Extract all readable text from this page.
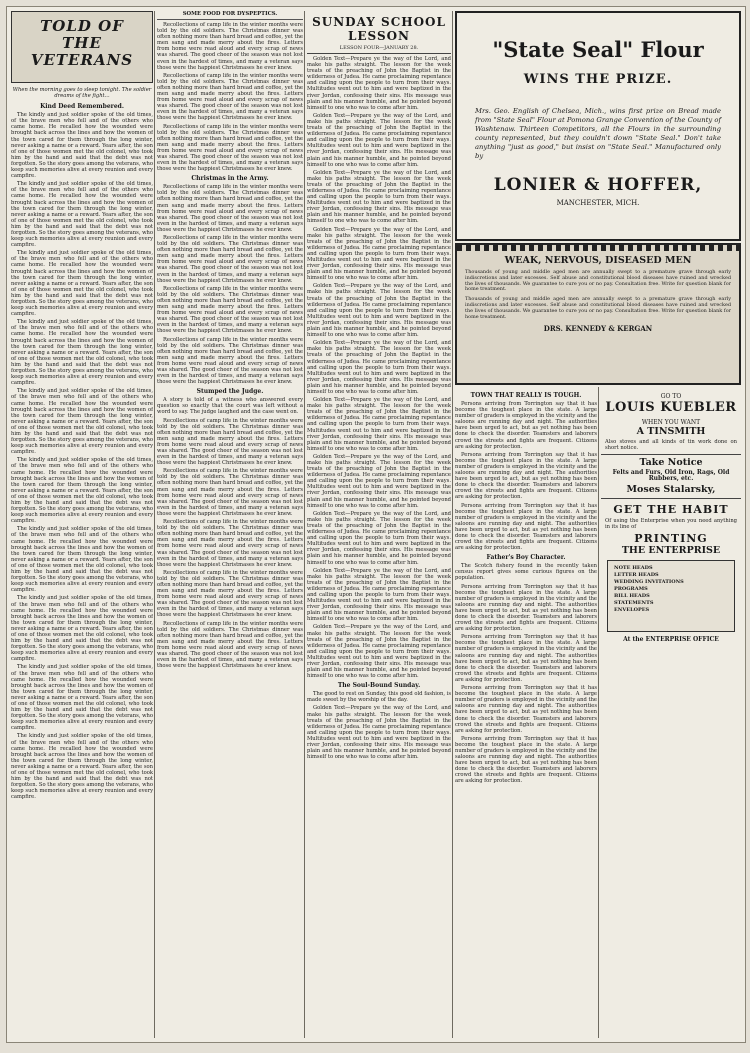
TOLD OF THE VETERANS

When the morning goes to sleep tonight. The soldier dreams of the fight...

Kind Deed Remembered.

The kindly and just soldier spoke of the old times, of the brave men who fell and of the others who came home. He recalled how the wounded were brought back across the lines and how the women of the town cared for them through the long winter, never asking a name or a reward. Years after, the son of one of those women met the old colonel, who took him by the hand and said that the debt was not forgotten. So the story goes among the veterans, who keep such memories alive at every reunion and every campfire.

The kindly and just soldier spoke of the old times, of the brave men who fell and of the others who came home. He recalled how the wounded were brought back across the lines and how the women of the town cared for them through the long winter, never asking a name or a reward. Years after, the son of one of those women met the old colonel, who took him by the hand and said that the debt was not forgotten. So the story goes among the veterans, who keep such memories alive at every reunion and every campfire.

The kindly and just soldier spoke of the old times, of the brave men who fell and of the others who came home. He recalled how the wounded were brought back across the lines and how the women of the town cared for them through the long winter, never asking a name or a reward. Years after, the son of one of those women met the old colonel, who took him by the hand and said that the debt was not forgotten. So the story goes among the veterans, who keep such memories alive at every reunion and every campfire.

The kindly and just soldier spoke of the old times, of the brave men who fell and of the others who came home. He recalled how the wounded were brought back across the lines and how the women of the town cared for them through the long winter, never asking a name or a reward. Years after, the son of one of those women met the old colonel, who took him by the hand and said that the debt was not forgotten. So the story goes among the veterans, who keep such memories alive at every reunion and every campfire.

The kindly and just soldier spoke of the old times, of the brave men who fell and of the others who came home. He recalled how the wounded were brought back across the lines and how the women of the town cared for them through the long winter, never asking a name or a reward. Years after, the son of one of those women met the old colonel, who took him by the hand and said that the debt was not forgotten. So the story goes among the veterans, who keep such memories alive at every reunion and every campfire.

The kindly and just soldier spoke of the old times, of the brave men who fell and of the others who came home. He recalled how the wounded were brought back across the lines and how the women of the town cared for them through the long winter, never asking a name or a reward. Years after, the son of one of those women met the old colonel, who took him by the hand and said that the debt was not forgotten. So the story goes among the veterans, who keep such memories alive at every reunion and every campfire.

The kindly and just soldier spoke of the old times, of the brave men who fell and of the others who came home. He recalled how the wounded were brought back across the lines and how the women of the town cared for them through the long winter, never asking a name or a reward. Years after, the son of one of those women met the old colonel, who took him by the hand and said that the debt was not forgotten. So the story goes among the veterans, who keep such memories alive at every reunion and every campfire.

The kindly and just soldier spoke of the old times, of the brave men who fell and of the others who came home. He recalled how the wounded were brought back across the lines and how the women of the town cared for them through the long winter, never asking a name or a reward. Years after, the son of one of those women met the old colonel, who took him by the hand and said that the debt was not forgotten. So the story goes among the veterans, who keep such memories alive at every reunion and every campfire.

The kindly and just soldier spoke of the old times, of the brave men who fell and of the others who came home. He recalled how the wounded were brought back across the lines and how the women of the town cared for them through the long winter, never asking a name or a reward. Years after, the son of one of those women met the old colonel, who took him by the hand and said that the debt was not forgotten. So the story goes among the veterans, who keep such memories alive at every reunion and every campfire.

The kindly and just soldier spoke of the old times, of the brave men who fell and of the others who came home. He recalled how the wounded were brought back across the lines and how the women of the town cared for them through the long winter, never asking a name or a reward. Years after, the son of one of those women met the old colonel, who took him by the hand and said that the debt was not forgotten. So the story goes among the veterans, who keep such memories alive at every reunion and every campfire.

SOME FOOD FOR DYSPEPTICS.

Recollections of camp life in the winter months were told by the old soldiers. The Christmas dinner was often nothing more than hard bread and coffee, yet the men sang and made merry about the fires. Letters from home were read aloud and every scrap of news was shared. The good cheer of the season was not lost even in the hardest of times, and many a veteran says those were the happiest Christmases he ever knew.

Recollections of camp life in the winter months were told by the old soldiers. The Christmas dinner was often nothing more than hard bread and coffee, yet the men sang and made merry about the fires. Letters from home were read aloud and every scrap of news was shared. The good cheer of the season was not lost even in the hardest of times, and many a veteran says those were the happiest Christmases he ever knew.

Recollections of camp life in the winter months were told by the old soldiers. The Christmas dinner was often nothing more than hard bread and coffee, yet the men sang and made merry about the fires. Letters from home were read aloud and every scrap of news was shared. The good cheer of the season was not lost even in the hardest of times, and many a veteran says those were the happiest Christmases he ever knew.

Christmas in the Army.

Recollections of camp life in the winter months were told by the old soldiers. The Christmas dinner was often nothing more than hard bread and coffee, yet the men sang and made merry about the fires. Letters from home were read aloud and every scrap of news was shared. The good cheer of the season was not lost even in the hardest of times, and many a veteran says those were the happiest Christmases he ever knew.

Recollections of camp life in the winter months were told by the old soldiers. The Christmas dinner was often nothing more than hard bread and coffee, yet the men sang and made merry about the fires. Letters from home were read aloud and every scrap of news was shared. The good cheer of the season was not lost even in the hardest of times, and many a veteran says those were the happiest Christmases he ever knew.

Recollections of camp life in the winter months were told by the old soldiers. The Christmas dinner was often nothing more than hard bread and coffee, yet the men sang and made merry about the fires. Letters from home were read aloud and every scrap of news was shared. The good cheer of the season was not lost even in the hardest of times, and many a veteran says those were the happiest Christmases he ever knew.

Recollections of camp life in the winter months were told by the old soldiers. The Christmas dinner was often nothing more than hard bread and coffee, yet the men sang and made merry about the fires. Letters from home were read aloud and every scrap of news was shared. The good cheer of the season was not lost even in the hardest of times, and many a veteran says those were the happiest Christmases he ever knew.

Stumped the Judge.

A story is told of a witness who answered every question so exactly that the court was left without a word to say. The judge laughed and the case went on.

Recollections of camp life in the winter months were told by the old soldiers. The Christmas dinner was often nothing more than hard bread and coffee, yet the men sang and made merry about the fires. Letters from home were read aloud and every scrap of news was shared. The good cheer of the season was not lost even in the hardest of times, and many a veteran says those were the happiest Christmases he ever knew.

Recollections of camp life in the winter months were told by the old soldiers. The Christmas dinner was often nothing more than hard bread and coffee, yet the men sang and made merry about the fires. Letters from home were read aloud and every scrap of news was shared. The good cheer of the season was not lost even in the hardest of times, and many a veteran says those were the happiest Christmases he ever knew.

Recollections of camp life in the winter months were told by the old soldiers. The Christmas dinner was often nothing more than hard bread and coffee, yet the men sang and made merry about the fires. Letters from home were read aloud and every scrap of news was shared. The good cheer of the season was not lost even in the hardest of times, and many a veteran says those were the happiest Christmases he ever knew.

Recollections of camp life in the winter months were told by the old soldiers. The Christmas dinner was often nothing more than hard bread and coffee, yet the men sang and made merry about the fires. Letters from home were read aloud and every scrap of news was shared. The good cheer of the season was not lost even in the hardest of times, and many a veteran says those were the happiest Christmases he ever knew.

Recollections of camp life in the winter months were told by the old soldiers. The Christmas dinner was often nothing more than hard bread and coffee, yet the men sang and made merry about the fires. Letters from home were read aloud and every scrap of news was shared. The good cheer of the season was not lost even in the hardest of times, and many a veteran says those were the happiest Christmases he ever knew.

SUNDAY SCHOOL LESSON
LESSON FOUR—JANUARY 28.

Golden Text—Prepare ye the way of the Lord, and make his paths straight. The lesson for the week treats of the preaching of John the Baptist in the wilderness of Judea. He came proclaiming repentance and calling upon the people to turn from their ways. Multitudes went out to him and were baptized in the river Jordan, confessing their sins. His message was plain and his manner humble, and he pointed beyond himself to one who was to come after him.

Golden Text—Prepare ye the way of the Lord, and make his paths straight. The lesson for the week treats of the preaching of John the Baptist in the wilderness of Judea. He came proclaiming repentance and calling upon the people to turn from their ways. Multitudes went out to him and were baptized in the river Jordan, confessing their sins. His message was plain and his manner humble, and he pointed beyond himself to one who was to come after him.

Golden Text—Prepare ye the way of the Lord, and make his paths straight. The lesson for the week treats of the preaching of John the Baptist in the wilderness of Judea. He came proclaiming repentance and calling upon the people to turn from their ways. Multitudes went out to him and were baptized in the river Jordan, confessing their sins. His message was plain and his manner humble, and he pointed beyond himself to one who was to come after him.

Golden Text—Prepare ye the way of the Lord, and make his paths straight. The lesson for the week treats of the preaching of John the Baptist in the wilderness of Judea. He came proclaiming repentance and calling upon the people to turn from their ways. Multitudes went out to him and were baptized in the river Jordan, confessing their sins. His message was plain and his manner humble, and he pointed beyond himself to one who was to come after him.

Golden Text—Prepare ye the way of the Lord, and make his paths straight. The lesson for the week treats of the preaching of John the Baptist in the wilderness of Judea. He came proclaiming repentance and calling upon the people to turn from their ways. Multitudes went out to him and were baptized in the river Jordan, confessing their sins. His message was plain and his manner humble, and he pointed beyond himself to one who was to come after him.

Golden Text—Prepare ye the way of the Lord, and make his paths straight. The lesson for the week treats of the preaching of John the Baptist in the wilderness of Judea. He came proclaiming repentance and calling upon the people to turn from their ways. Multitudes went out to him and were baptized in the river Jordan, confessing their sins. His message was plain and his manner humble, and he pointed beyond himself to one who was to come after him.

Golden Text—Prepare ye the way of the Lord, and make his paths straight. The lesson for the week treats of the preaching of John the Baptist in the wilderness of Judea. He came proclaiming repentance and calling upon the people to turn from their ways. Multitudes went out to him and were baptized in the river Jordan, confessing their sins. His message was plain and his manner humble, and he pointed beyond himself to one who was to come after him.

Golden Text—Prepare ye the way of the Lord, and make his paths straight. The lesson for the week treats of the preaching of John the Baptist in the wilderness of Judea. He came proclaiming repentance and calling upon the people to turn from their ways. Multitudes went out to him and were baptized in the river Jordan, confessing their sins. His message was plain and his manner humble, and he pointed beyond himself to one who was to come after him.

Golden Text—Prepare ye the way of the Lord, and make his paths straight. The lesson for the week treats of the preaching of John the Baptist in the wilderness of Judea. He came proclaiming repentance and calling upon the people to turn from their ways. Multitudes went out to him and were baptized in the river Jordan, confessing their sins. His message was plain and his manner humble, and he pointed beyond himself to one who was to come after him.

Golden Text—Prepare ye the way of the Lord, and make his paths straight. The lesson for the week treats of the preaching of John the Baptist in the wilderness of Judea. He came proclaiming repentance and calling upon the people to turn from their ways. Multitudes went out to him and were baptized in the river Jordan, confessing their sins. His message was plain and his manner humble, and he pointed beyond himself to one who was to come after him.

Golden Text—Prepare ye the way of the Lord, and make his paths straight. The lesson for the week treats of the preaching of John the Baptist in the wilderness of Judea. He came proclaiming repentance and calling upon the people to turn from their ways. Multitudes went out to him and were baptized in the river Jordan, confessing their sins. His message was plain and his manner humble, and he pointed beyond himself to one who was to come after him.

The Soul-Bound Sunday.

The good to rest on Sunday, this good old fashion, is made sweet by the worship of the day.

Golden Text—Prepare ye the way of the Lord, and make his paths straight. The lesson for the week treats of the preaching of John the Baptist in the wilderness of Judea. He came proclaiming repentance and calling upon the people to turn from their ways. Multitudes went out to him and were baptized in the river Jordan, confessing their sins. His message was plain and his manner humble, and he pointed beyond himself to one who was to come after him.

"State Seal" Flour
WINS THE PRIZE.
Mrs. Geo. English of Chelsea, Mich., wins first prize on Bread made from "State Seal" Flour at Pomona Grange Convention of the County of Washtenaw. Thirteen Competitors, all the Flours in the surrounding county represented, but they couldn't down "State Seal." Don't take anything "just as good," but insist on "State Seal." Manufactured only by
LONIER & HOFFER,
MANCHESTER, MICH.
WEAK, NERVOUS, DISEASED MEN
Thousands of young and middle aged men are annually swept to a premature grave through early indiscretions and later excesses. Self abuse and constitutional blood diseases have ruined and wrecked the lives of thousands. We guarantee to cure you or no pay. Consultation free. Write for question blank for home treatment.
Thousands of young and middle aged men are annually swept to a premature grave through early indiscretions and later excesses. Self abuse and constitutional blood diseases have ruined and wrecked the lives of thousands. We guarantee to cure you or no pay. Consultation free. Write for question blank for home treatment.
DRS. KENNEDY & KERGAN

TOWN THAT REALLY IS TOUGH.

Persons arriving from Torrington say that it has become the toughest place in the state. A large number of graders is employed in the vicinity and the saloons are running day and night. The authorities have been urged to act, but as yet nothing has been done to check the disorder. Teamsters and laborers crowd the streets and fights are frequent. Citizens are asking for protection.

Persons arriving from Torrington say that it has become the toughest place in the state. A large number of graders is employed in the vicinity and the saloons are running day and night. The authorities have been urged to act, but as yet nothing has been done to check the disorder. Teamsters and laborers crowd the streets and fights are frequent. Citizens are asking for protection.

Persons arriving from Torrington say that it has become the toughest place in the state. A large number of graders is employed in the vicinity and the saloons are running day and night. The authorities have been urged to act, but as yet nothing has been done to check the disorder. Teamsters and laborers crowd the streets and fights are frequent. Citizens are asking for protection.

Father's Boy Character.

The Scotch fishery found in the recently taken census report gives some curious figures on the population.

Persons arriving from Torrington say that it has become the toughest place in the state. A large number of graders is employed in the vicinity and the saloons are running day and night. The authorities have been urged to act, but as yet nothing has been done to check the disorder. Teamsters and laborers crowd the streets and fights are frequent. Citizens are asking for protection.

Persons arriving from Torrington say that it has become the toughest place in the state. A large number of graders is employed in the vicinity and the saloons are running day and night. The authorities have been urged to act, but as yet nothing has been done to check the disorder. Teamsters and laborers crowd the streets and fights are frequent. Citizens are asking for protection.

Persons arriving from Torrington say that it has become the toughest place in the state. A large number of graders is employed in the vicinity and the saloons are running day and night. The authorities have been urged to act, but as yet nothing has been done to check the disorder. Teamsters and laborers crowd the streets and fights are frequent. Citizens are asking for protection.

Persons arriving from Torrington say that it has become the toughest place in the state. A large number of graders is employed in the vicinity and the saloons are running day and night. The authorities have been urged to act, but as yet nothing has been done to check the disorder. Teamsters and laborers crowd the streets and fights are frequent. Citizens are asking for protection.

GO TO
LOUIS KUEBLER
WHEN YOU WANT
A TINSMITH
Also stoves and all kinds of tin work done on short notice.
Take Notice
Felts and Furs, Old Iron, Rags, Old Rubbers, etc.
Moses Stalarsky,
GET THE HABIT
Of using the Enterprise when you need anything in its line of
PRINTING
THE ENTERPRISE
NOTE HEADS
LETTER HEADS
WEDDING INVITATIONS
PROGRAMS
BILL HEADS
STATEMENTS
ENVELOPES
At the ENTERPRISE OFFICE
